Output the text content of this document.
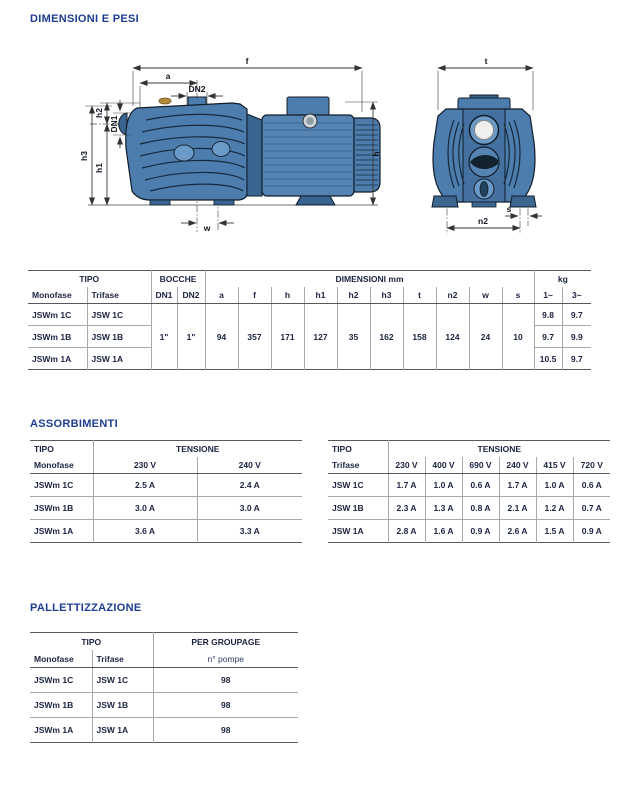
DIMENSIONI E PESI
f
a
DN2
h3
h1
h2
DN1
h
w
t
s
n2
TIPO		BOCCHE		DIMENSIONI mm										kg	
Monofase	Trifase	DN1	DN2	a	f	h	h1	h2	h3	t	n2	w	s	1~	3~
JSWm 1C	JSW 1C	1"	1"	94	357	171	127	35	162	158	124	24	10	9.8	9.7
JSWm 1B	JSW 1B													9.7	9.9
JSWm 1A	JSW 1A													10.5	9.7
ASSORBIMENTI
TIPO	TENSIONE	
Monofase	230 V	240 V
JSWm 1C	2.5 A	2.4 A
JSWm 1B	3.0 A	3.0 A
JSWm 1A	3.6 A	3.3 A
TIPO	TENSIONE					
Trifase	230 V	400 V	690 V	240 V	415 V	720 V
JSW 1C	1.7 A	1.0 A	0.6 A	1.7 A	1.0 A	0.6 A
JSW 1B	2.3 A	1.3 A	0.8 A	2.1 A	1.2 A	0.7 A
JSW 1A	2.8 A	1.6 A	0.9 A	2.6 A	1.5 A	0.9 A
PALLETTIZZAZIONE
TIPO		PER GROUPAGE
Monofase	Trifase	n° pompe
JSWm 1C	JSW 1C	98
JSWm 1B	JSW 1B	98
JSWm 1A	JSW 1A	98
